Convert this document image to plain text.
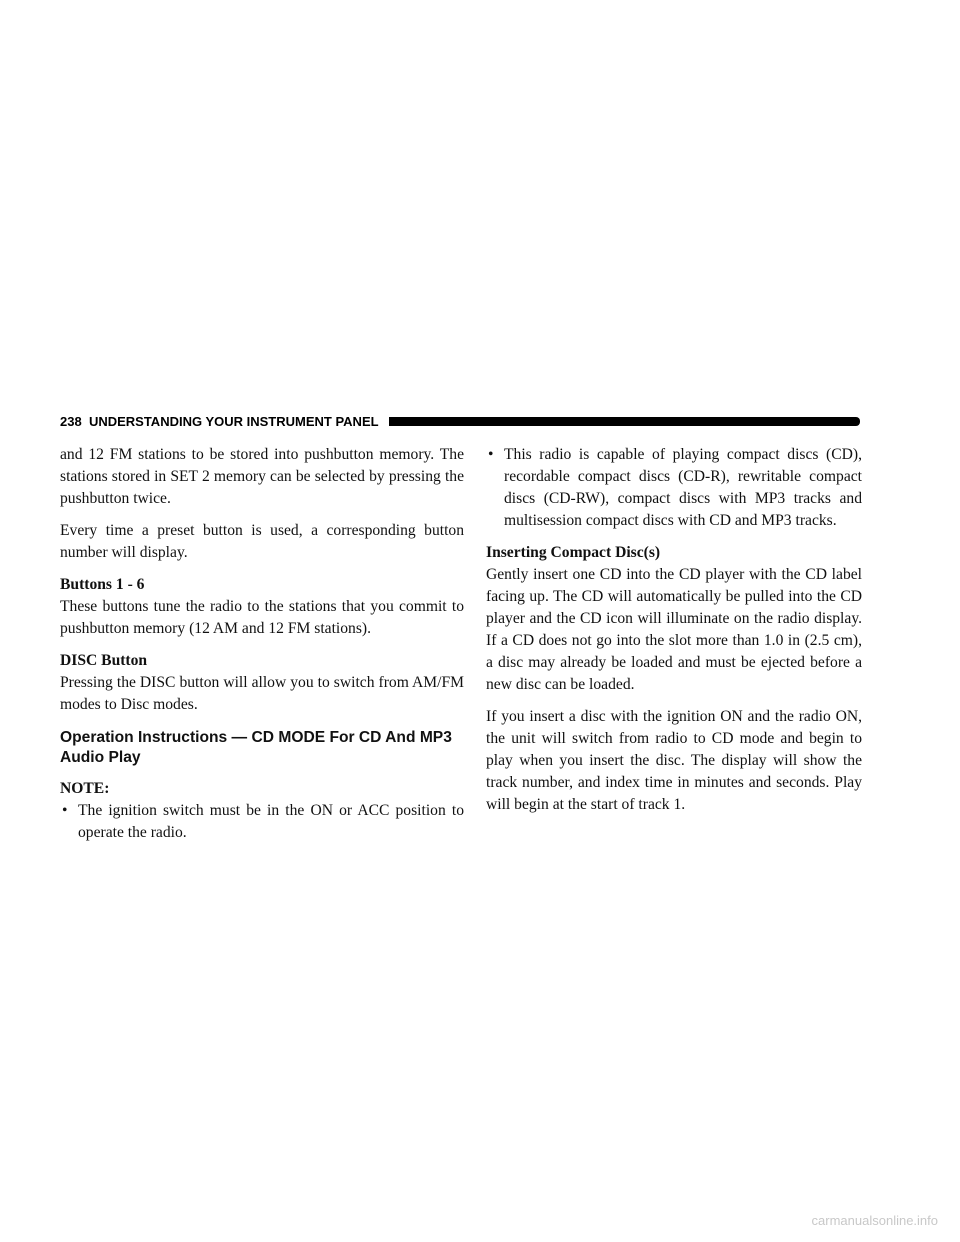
238 UNDERSTANDING YOUR INSTRUMENT PANEL

and 12 FM stations to be stored into pushbutton memory. The stations stored in SET 2 memory can be selected by pressing the pushbutton twice.

Every time a preset button is used, a corresponding button number will display.

Buttons 1 - 6

These buttons tune the radio to the stations that you commit to pushbutton memory (12 AM and 12 FM stations).

DISC Button

Pressing the DISC button will allow you to switch from AM/FM modes to Disc modes.

Operation Instructions — CD MODE For CD And MP3 Audio Play

NOTE:

• The ignition switch must be in the ON or ACC position to operate the radio.
• This radio is capable of playing compact discs (CD), recordable compact discs (CD-R), rewritable compact discs (CD-RW), compact discs with MP3 tracks and multisession compact discs with CD and MP3 tracks.

Inserting Compact Disc(s)

Gently insert one CD into the CD player with the CD label facing up. The CD will automatically be pulled into the CD player and the CD icon will illuminate on the radio display. If a CD does not go into the slot more than 1.0 in (2.5 cm), a disc may already be loaded and must be ejected before a new disc can be loaded.

If you insert a disc with the ignition ON and the radio ON, the unit will switch from radio to CD mode and begin to play when you insert the disc. The display will show the track number, and index time in minutes and seconds. Play will begin at the start of track 1.

carmanualsonline.info
